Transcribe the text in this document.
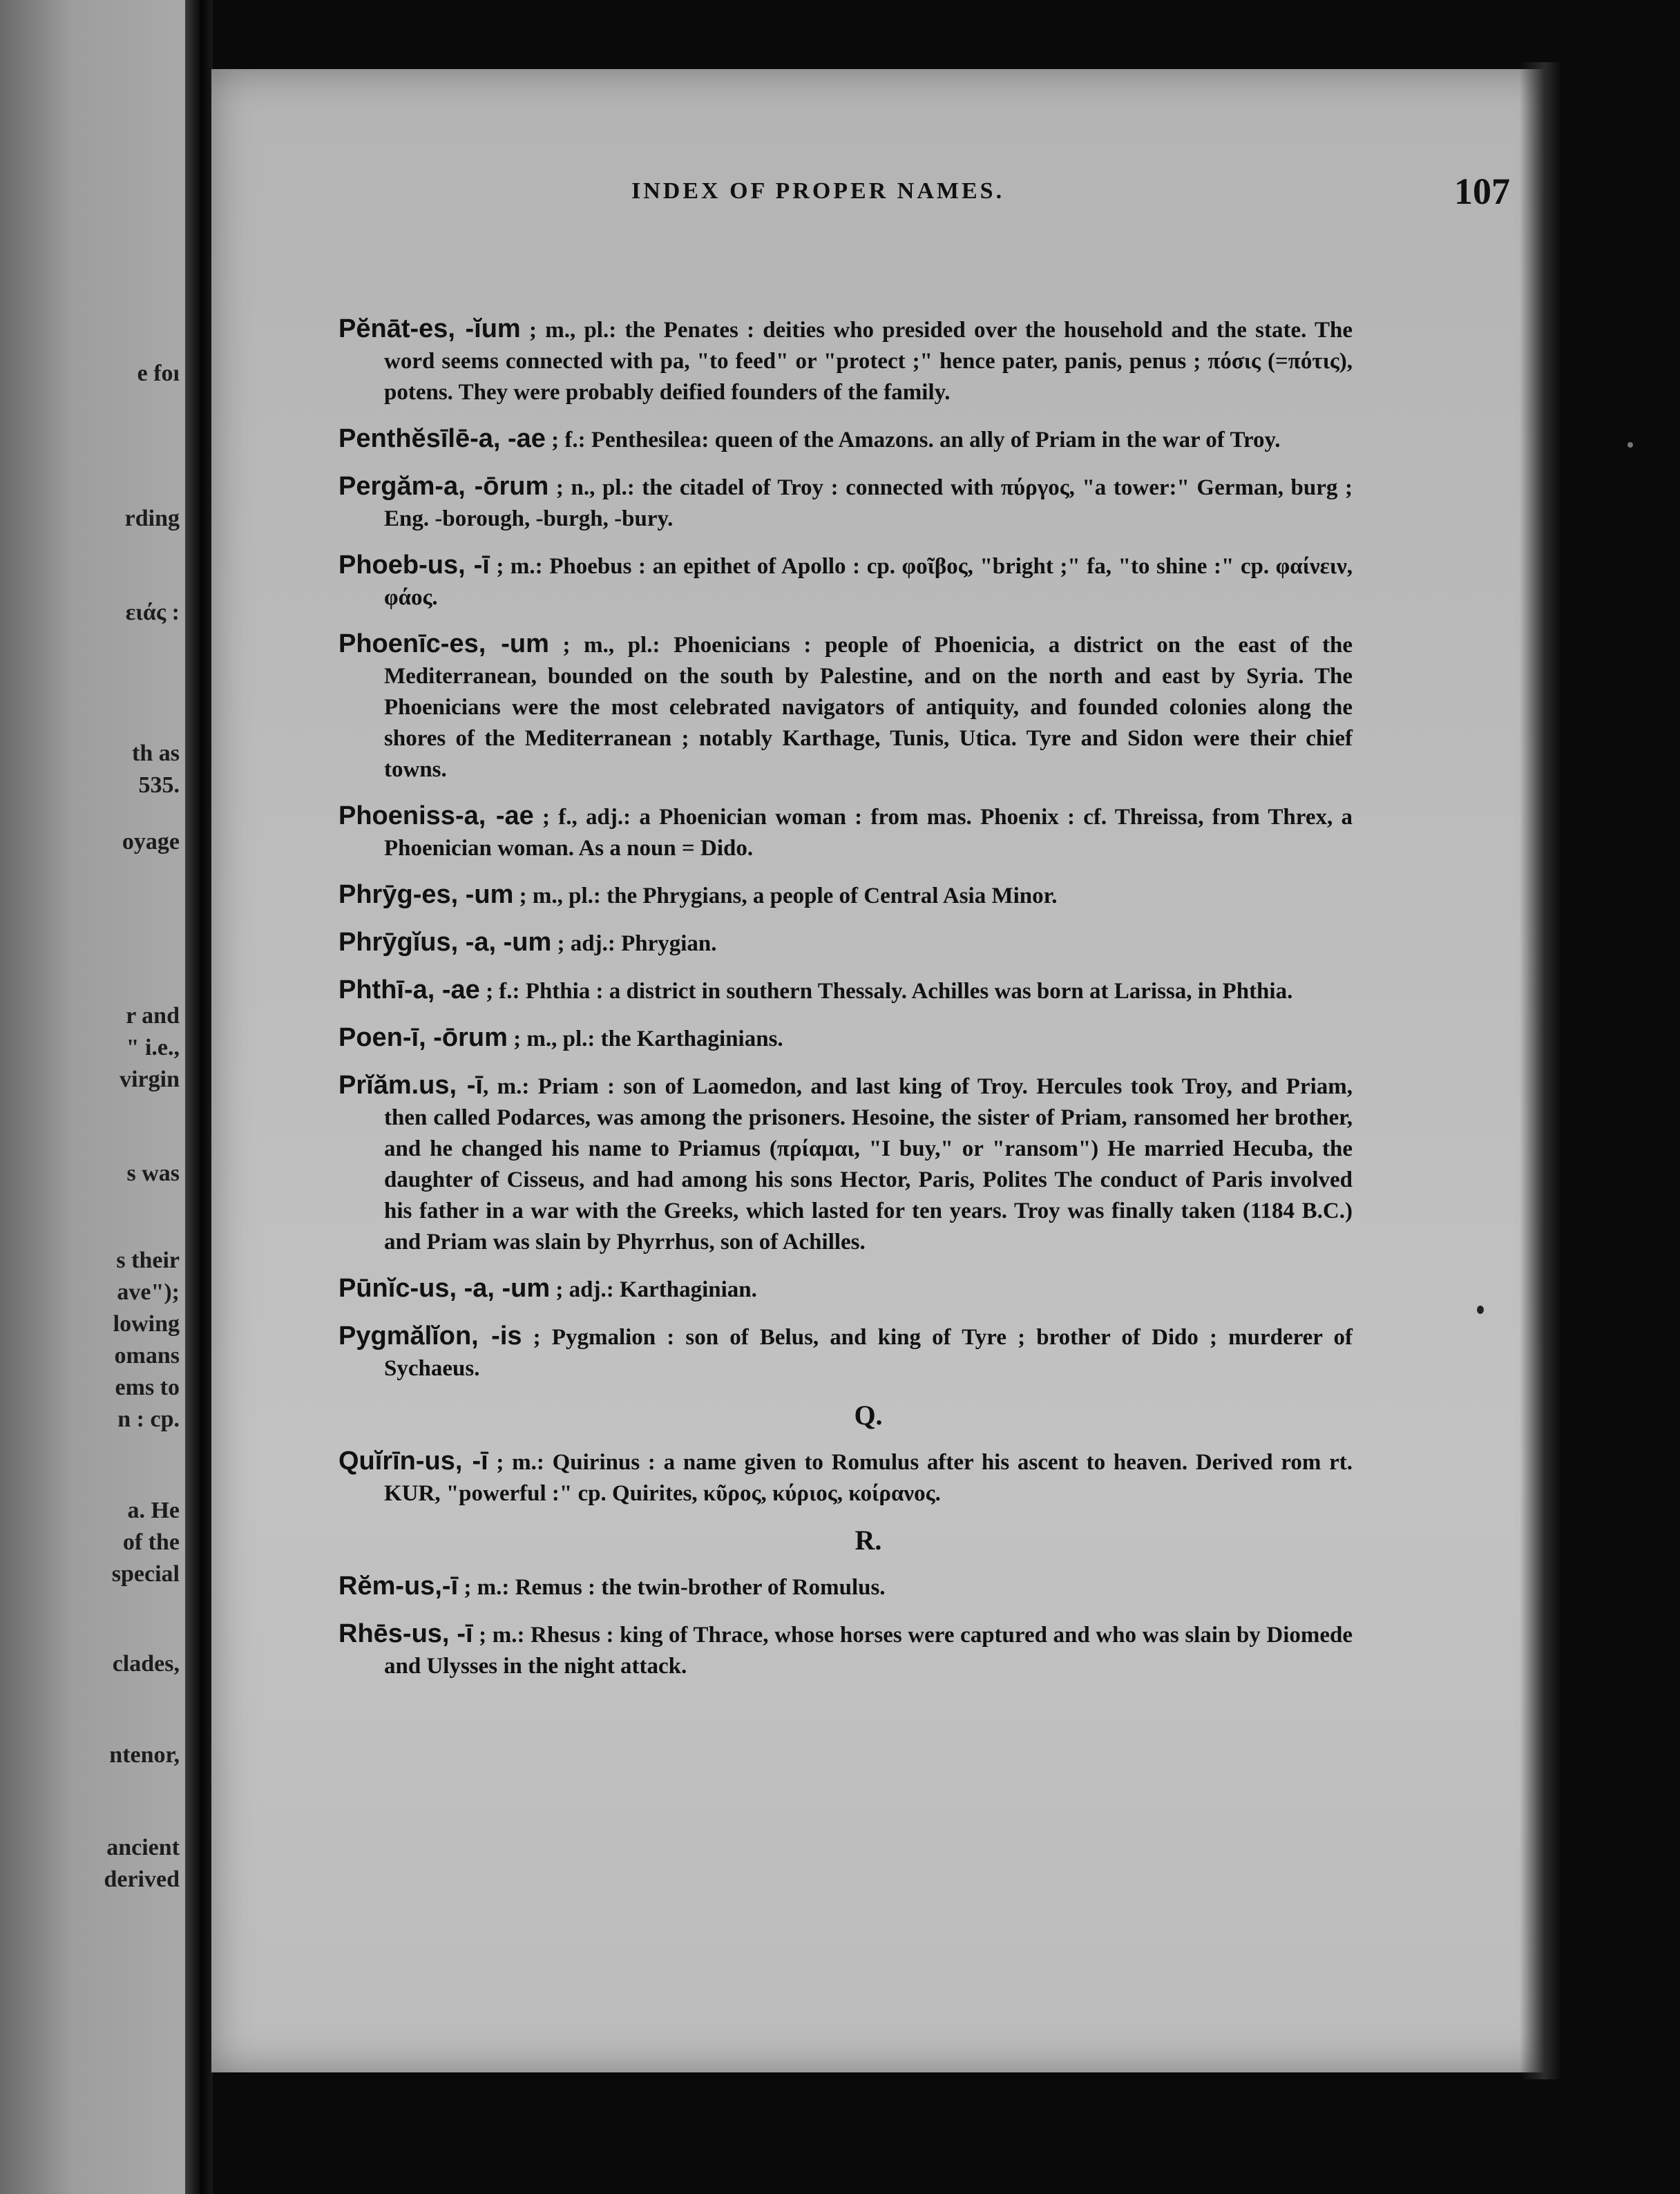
e foı
rding
ειάς :
th as
535.
oyage
r and
" i.e.,
virgin
s was
s their
ave");
lowing
omans
ems to
n : cp.
a. He
of the
special
clades,
ntenor,
ancient
derived
INDEX OF PROPER NAMES.	107

Pĕnāt-es, -ĭum ; m., pl.: the Penates : deities who presided over the household and the state. The word seems connected with pa, "to feed" or "protect ;" hence pater, panis, penus ; πόσις (=πότις), potens. They were probably deified founders of the family.

Penthĕsīlē-a, -ae ; f.: Penthesilea: queen of the Amazons. an ally of Priam in the war of Troy.

Pergăm-a, -ōrum ; n., pl.: the citadel of Troy : connected with πύργος, "a tower:" German, burg ; Eng. -borough, -burgh, -bury.

Phoeb-us, -ī ; m.: Phoebus : an epithet of Apollo : cp. φοῖβος, "bright ;" fa, "to shine :" cp. φαίνειν, φάος.

Phoenīc-es, -um ; m., pl.: Phoenicians : people of Phoenicia, a district on the east of the Mediterranean, bounded on the south by Palestine, and on the north and east by Syria. The Phoenicians were the most celebrated navigators of antiquity, and founded colonies along the shores of the Mediterranean ; notably Karthage, Tunis, Utica. Tyre and Sidon were their chief towns.

Phoeniss-a, -ae ; f., adj.: a Phoenician woman : from mas. Phoenix : cf. Threissa, from Threx, a Phoenician woman. As a noun = Dido.

Phrȳg-es, -um ; m., pl.: the Phrygians, a people of Central Asia Minor.

Phrȳgĭus, -a, -um ; adj.: Phrygian.

Phthī-a, -ae ; f.: Phthia : a district in southern Thessaly. Achilles was born at Larissa, in Phthia.

Poen-ī, -ōrum ; m., pl.: the Karthaginians.

Prĭăm.us, -ī, m.: Priam : son of Laomedon, and last king of Troy. Hercules took Troy, and Priam, then called Podarces, was among the prisoners. Hesoine, the sister of Priam, ransomed her brother, and he changed his name to Priamus (πρίαμαι, "I buy," or "ransom") He married Hecuba, the daughter of Cisseus, and had among his sons Hector, Paris, Polites The conduct of Paris involved his father in a war with the Greeks, which lasted for ten years. Troy was finally taken (1184 B.C.) and Priam was slain by Phyrrhus, son of Achilles.

Pūnĭc-us, -a, -um ; adj.: Karthaginian.

Pygmălĭon, -is ; Pygmalion : son of Belus, and king of Tyre ; brother of Dido ; murderer of Sychaeus.

Q.

Quĭrīn-us, -ī ; m.: Quirinus : a name given to Romulus after his ascent to heaven. Derived rom rt. KUR, "powerful :" cp. Quirites, κῦρος, κύριος, κοίρανος.

R.

Rĕm-us,-ī ; m.: Remus : the twin-brother of Romulus.

Rhēs-us, -ī ; m.: Rhesus : king of Thrace, whose horses were captured and who was slain by Diomede and Ulysses in the night attack.
